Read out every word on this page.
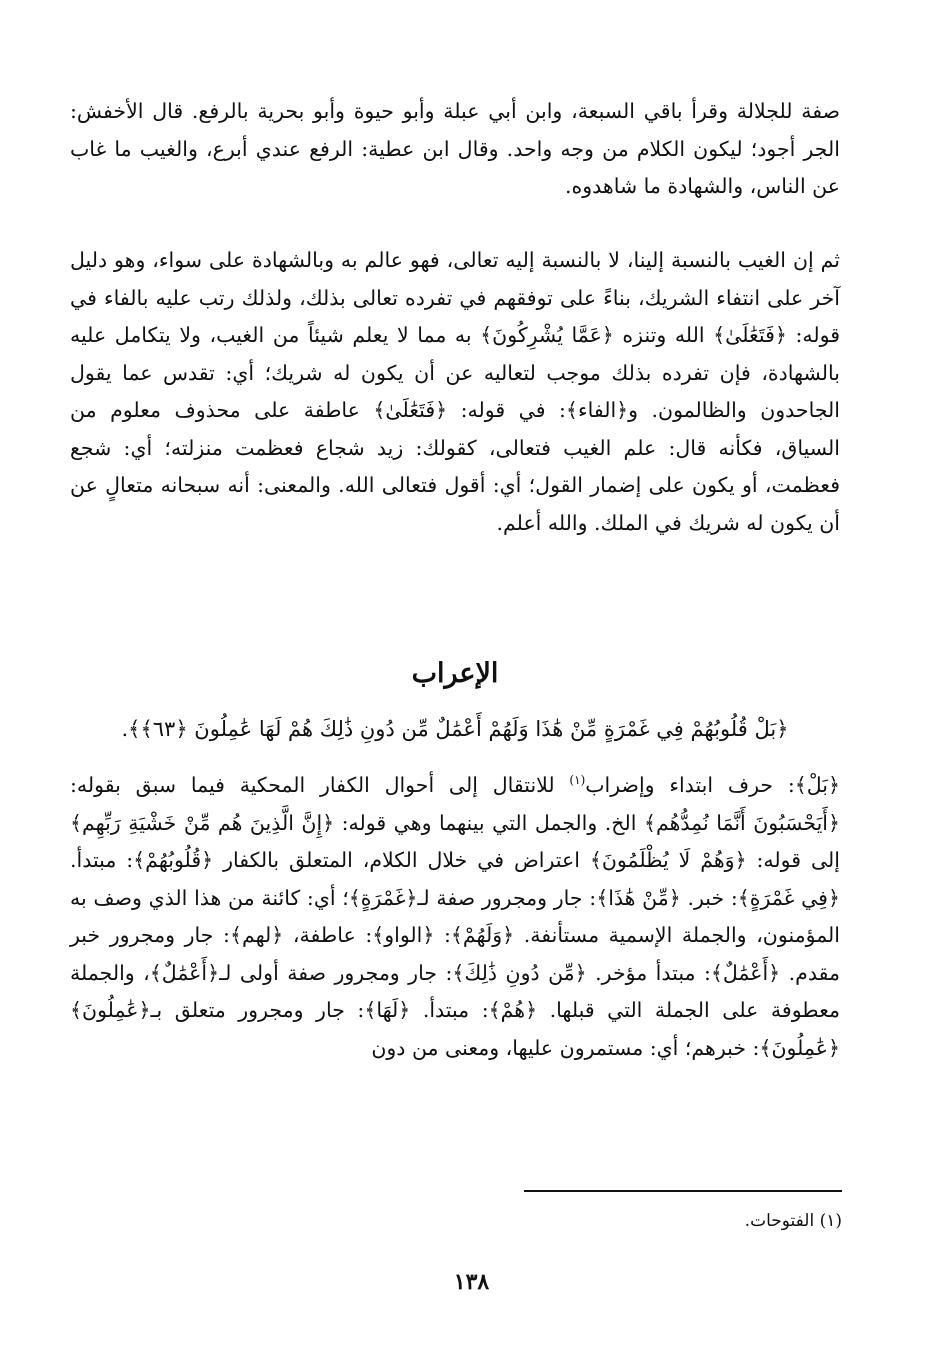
صفة للجلالة وقرأ باقي السبعة، وابن أبي عبلة وأبو حيوة وأبو بحرية بالرفع. قال الأخفش: الجر أجود؛ ليكون الكلام من وجه واحد. وقال ابن عطية: الرفع عندي أبرع، والغيب ما غاب عن الناس، والشهادة ما شاهدوه.
ثم إن الغيب بالنسبة إلينا، لا بالنسبة إليه تعالى، فهو عالم به وبالشهادة على سواء، وهو دليل آخر على انتفاء الشريك، بناءً على توفقهم في تفرده تعالى بذلك، ولذلك رتب عليه بالفاء في قوله: ﴿فَتَعَٰلَىٰ﴾ الله وتنزه ﴿عَمَّا يُشْرِكُونَ﴾ به مما لا يعلم شيئاً من الغيب، ولا يتكامل عليه بالشهادة، فإن تفرده بذلك موجب لتعاليه عن أن يكون له شريك؛ أي: تقدس عما يقول الجاحدون والظالمون. و﴿الفاء﴾: في قوله: ﴿فَتَعَٰلَىٰ﴾ عاطفة على محذوف معلوم من السياق، فكأنه قال: علم الغيب فتعالى، كقولك: زيد شجاع فعظمت منزلته؛ أي: شجع فعظمت، أو يكون على إضمار القول؛ أي: أقول فتعالى الله. والمعنى: أنه سبحانه متعالٍ عن أن يكون له شريك في الملك. والله أعلم.
الإعراب
﴿بَلْ قُلُوبُهُمْ فِي غَمْرَةٍ مِّنْ هَٰذَا وَلَهُمْ أَعْمَٰلٌ مِّن دُونِ ذَٰلِكَ هُمْ لَهَا عَٰمِلُونَ ﴿٦٣﴾﴾.
﴿بَلْ﴾: حرف ابتداء وإضراب$^{(١)}$ للانتقال إلى أحوال الكفار المحكية فيما سبق بقوله: ﴿أَيَحْسَبُونَ أَنَّمَا نُمِدُّهُم﴾ الخ. والجمل التي بينهما وهي قوله: ﴿إِنَّ الَّذِينَ هُم مِّنْ خَشْيَةِ رَبِّهِم﴾ إلى قوله: ﴿وَهُمْ لَا يُظْلَمُونَ﴾ اعتراض في خلال الكلام، المتعلق بالكفار ﴿قُلُوبُهُمْ﴾: مبتدأ. ﴿فِي غَمْرَةٍ﴾: خبر. ﴿مِّنْ هَٰذَا﴾: جار ومجرور صفة لـ﴿غَمْرَةٍ﴾؛ أي: كائنة من هذا الذي وصف به المؤمنون، والجملة الإسمية مستأنفة. ﴿وَلَهُمْ﴾: ﴿الواو﴾: عاطفة، ﴿لهم﴾: جار ومجرور خبر مقدم. ﴿أَعْمَٰلٌ﴾: مبتدأ مؤخر. ﴿مِّن دُونِ ذَٰلِكَ﴾: جار ومجرور صفة أولى لـ﴿أَعْمَٰلٌ﴾، والجملة معطوفة على الجملة التي قبلها. ﴿هُمْ﴾: مبتدأ. ﴿لَهَا﴾: جار ومجرور متعلق بـ﴿عَٰمِلُونَ﴾ ﴿عَٰمِلُونَ﴾: خبرهم؛ أي: مستمرون عليها، ومعنى من دون
(١) الفتوحات.
١٣٨
